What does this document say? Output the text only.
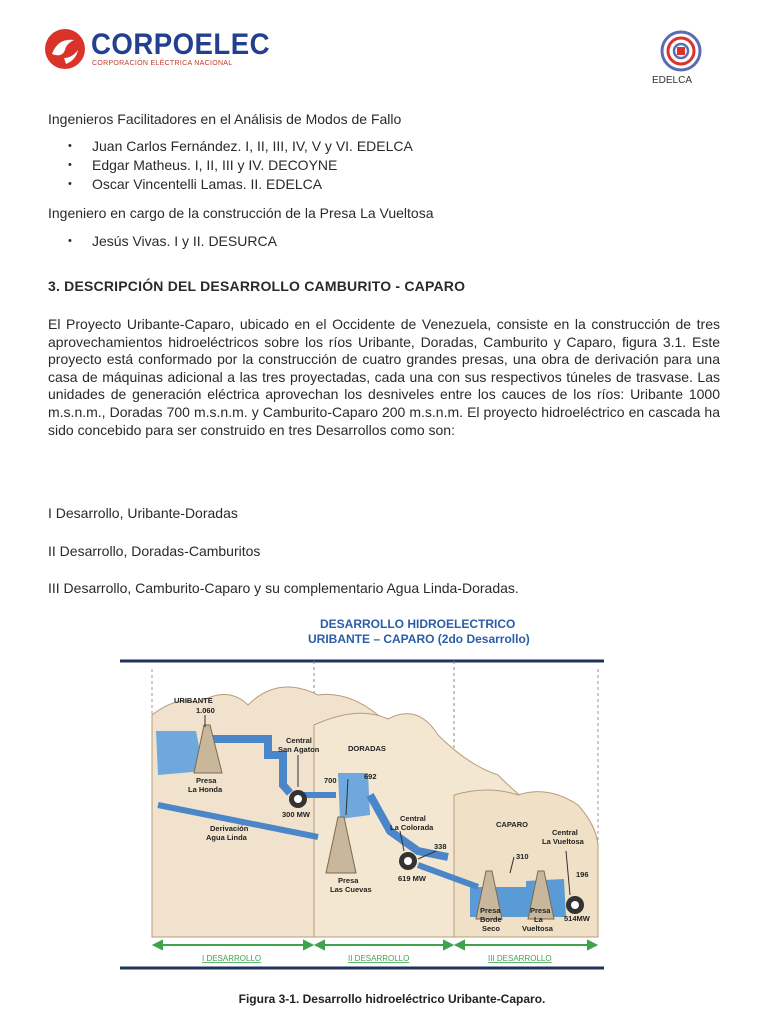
CORPOELEC
CORPORACIÓN ELÉCTRICA NACIONAL
EDELCA
Ingenieros Facilitadores en el Análisis de Modos de Fallo
• Juan Carlos Fernández. I, II, III, IV, V y VI. EDELCA
• Edgar Matheus. I, II, III y IV. DECOYNE
• Oscar Vincentelli Lamas. II. EDELCA
Ingeniero en cargo de la construcción de la Presa La Vueltosa
• Jesús Vivas. I y II. DESURCA
3. DESCRIPCIÓN DEL DESARROLLO CAMBURITO - CAPARO
El Proyecto Uribante-Caparo, ubicado en el Occidente de Venezuela, consiste en la construcción de tres aprovechamientos hidroeléctricos sobre los ríos Uribante, Doradas, Camburito y Caparo, figura 3.1. Este proyecto está conformado por la construcción de cuatro grandes presas, una obra de derivación para una casa de máquinas adicional a las tres proyectadas, cada una con sus respectivos túneles de trasvase. Las unidades de generación eléctrica aprovechan los desniveles entre los cauces de los ríos: Uribante 1000 m.s.n.m., Doradas 700 m.s.n.m. y Camburito-Caparo 200 m.s.n.m. El proyecto hidroeléctrico en cascada ha sido concebido para ser construido en tres Desarrollos como son:
I Desarrollo, Uribante-Doradas
II Desarrollo, Doradas-Camburitos
III Desarrollo, Camburito-Caparo y su complementario Agua Linda-Doradas.
DESARROLLO HIDROELECTRICO
URIBANTE – CAPARO (2do Desarrollo)
URIBANTE
1.060
Presa
La Honda
Central
San Agaton	DORADAS
700	692
300 MW
Derivación
Agua Linda
Presa
Las Cuevas
Central
La Colorada
338
619 MW
CAPARO
Central
La Vueltosa
310
196
514MW
Presa
Borde
Seco
Presa
La
Vueltosa
I DESARROLLO	II DESARROLLO	III DESARROLLO
Figura 3-1. Desarrollo hidroeléctrico Uribante-Caparo.
